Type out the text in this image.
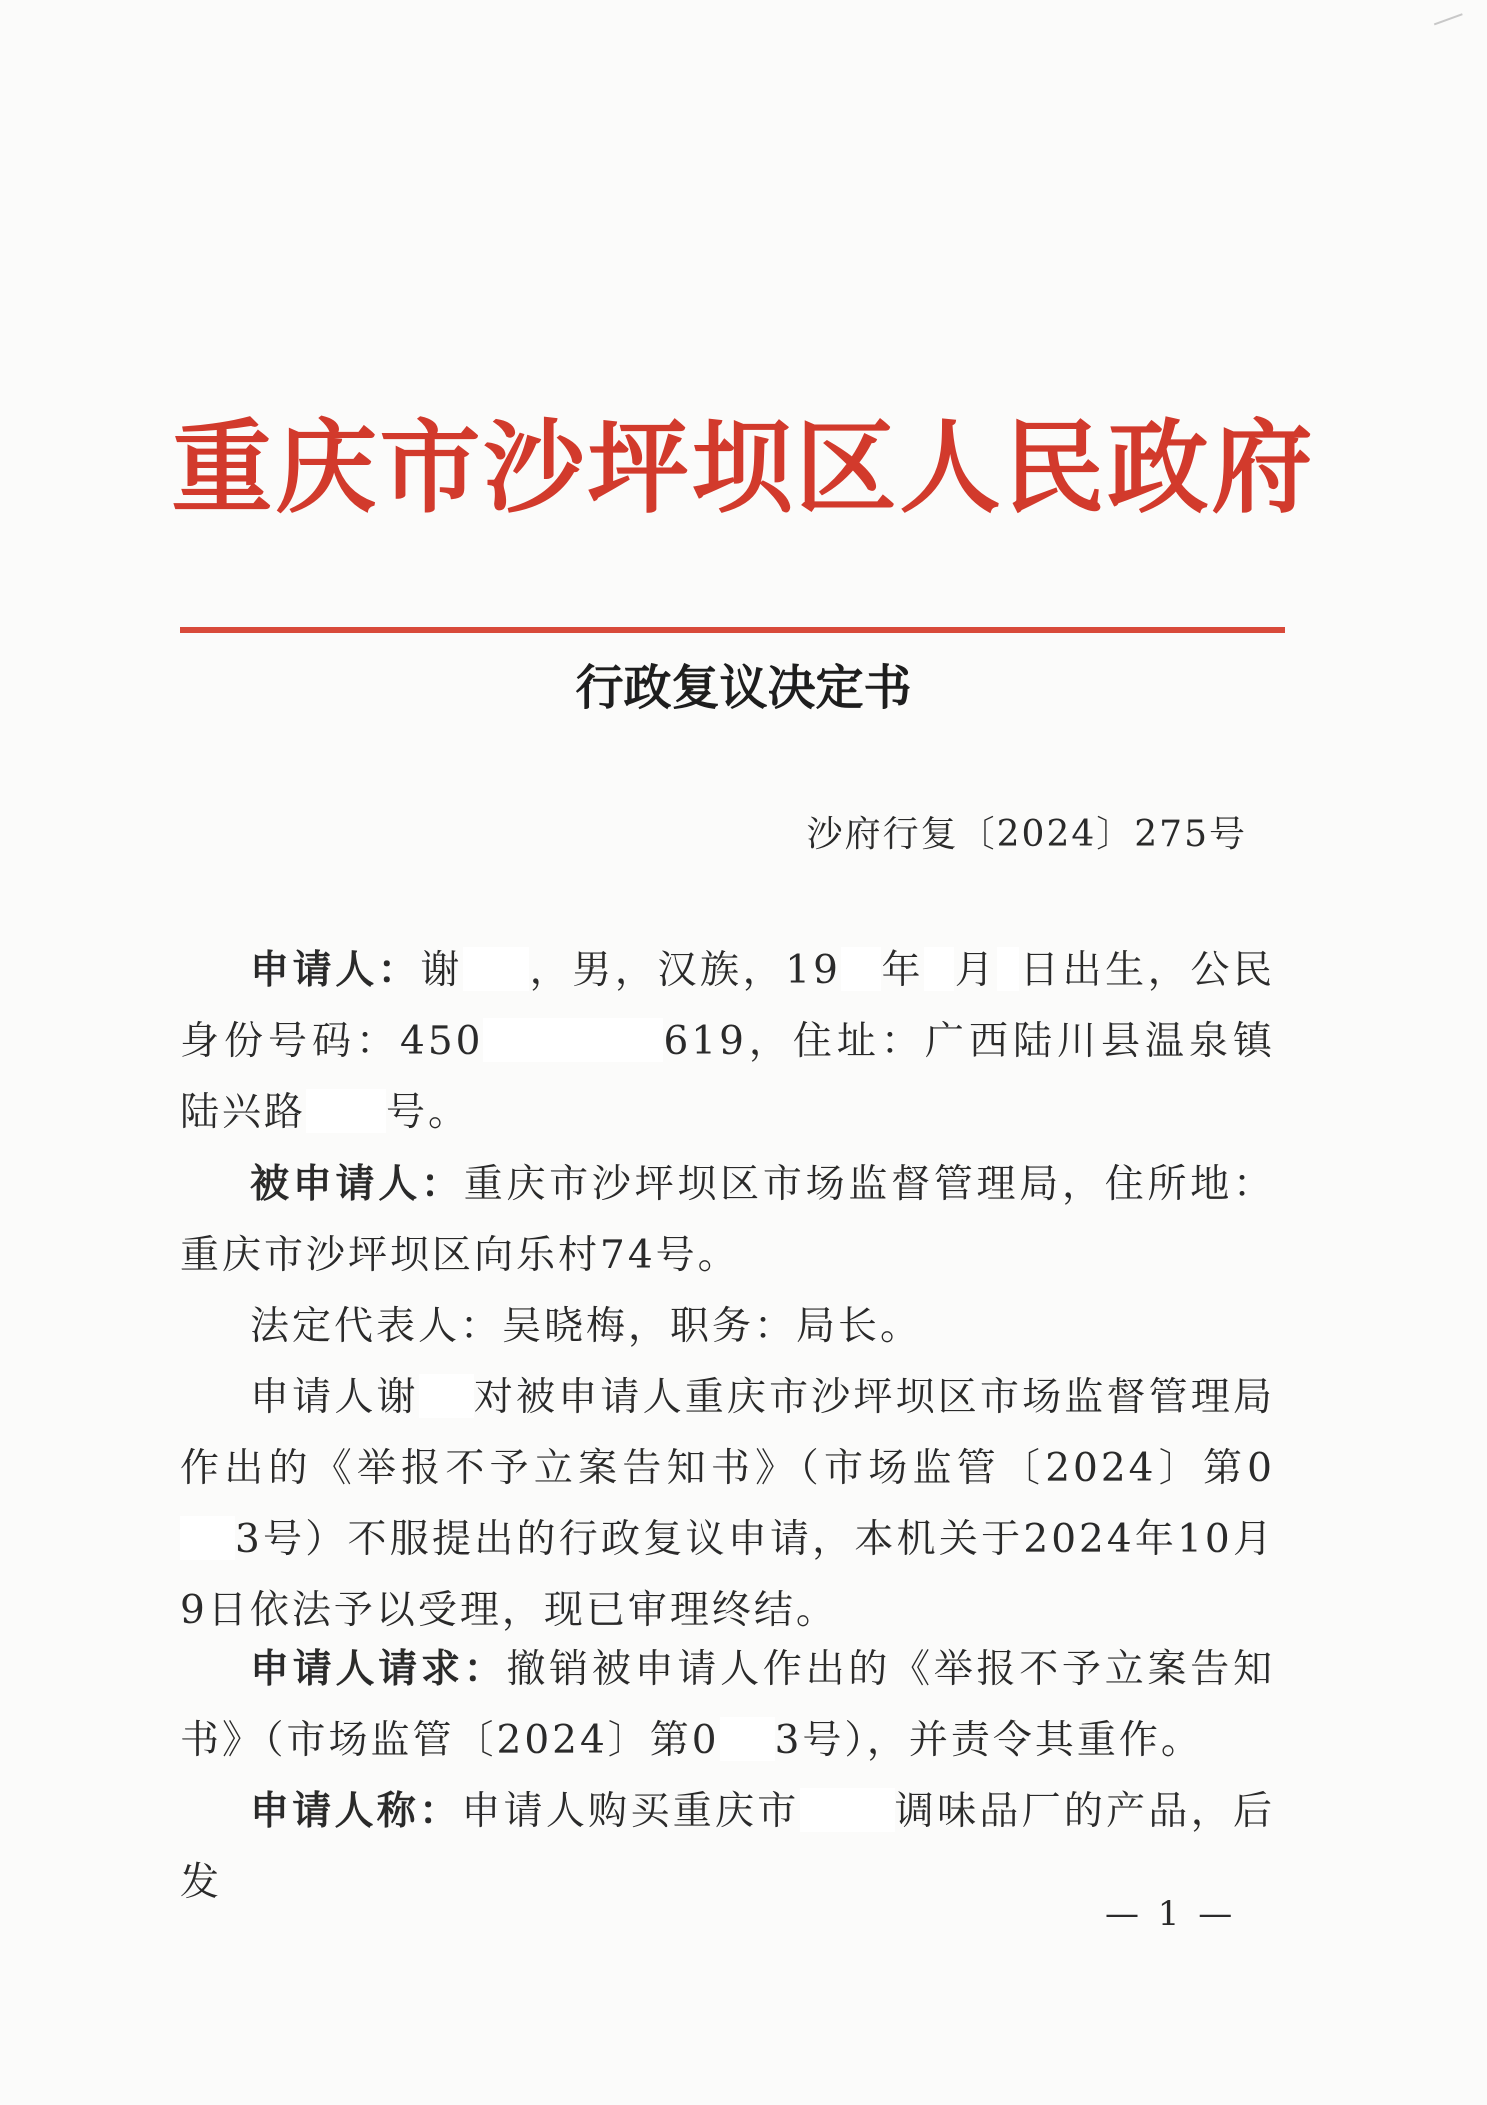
重庆市沙坪坝区人民政府
行政复议决定书
沙府行复〔2024〕275号
申请人：谢 ，男，汉族，19 年 月 日出生，公民身份号码：450	619，住址：广西陆川县温泉镇陆兴路 号。
被申请人：重庆市沙坪坝区市场监督管理局，住所地：重庆市沙坪坝区向乐村74号。
法定代表人：吴晓梅，职务：局长。
申请人谢 对被申请人重庆市沙坪坝区市场监督管理局作出的《举报不予立案告知书》（市场监管〔2024〕第03号）不服提出的行政复议申请，本机关于2024年10月9日依法予以受理，现已审理终结。
申请人请求：撤销被申请人作出的《举报不予立案告知书》（市场监管〔2024〕第0 3号），并责令其重作。
申请人称：申请人购买重庆市 调味品厂的产品，后发
— 1 —
